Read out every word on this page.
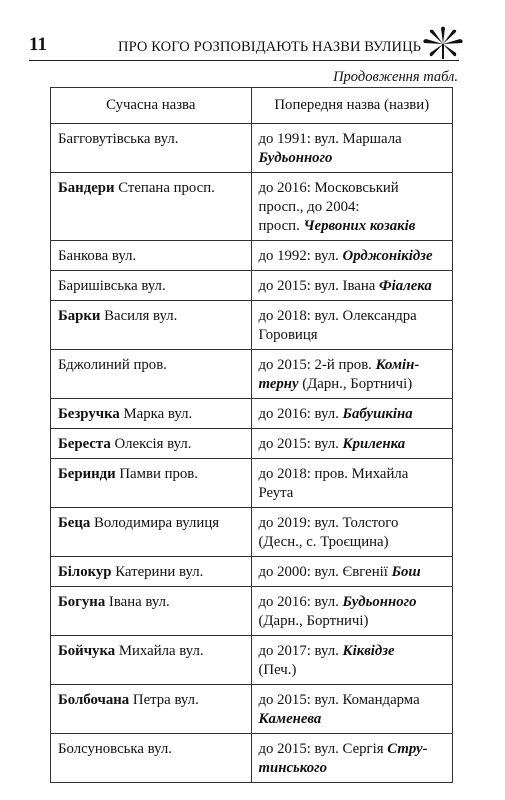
11	ПРО КОГО РОЗПОВІДАЮТЬ НАЗВИ ВУЛИЦЬ
Продовження табл.
Сучасна назва	Попередня назва (назви)
Багговутівська вул.	до 1991: вул. Маршала
Будьонного
Бандери Степана просп.	до 2016: Московський
просп., до 2004:
просп. Червоних козаків
Банкова вул.	до 1992: вул. Орджонікідзе
Баришівська вул.	до 2015: вул. Івана Фіалека
Барки Василя вул.	до 2018: вул. Олександра
Горовиця
Бджолиний пров.	до 2015: 2-й пров. Комін-
терну (Дарн., Бортничі)
Безручка Марка вул.	до 2016: вул. Бабушкіна
Береста Олексія вул.	до 2015: вул. Криленка
Беринди Памви пров.	до 2018: пров. Михайла
Реута
Беца Володимира вулиця	до 2019: вул. Толстого
(Десн., с. Троєщина)
Білокур Катерини вул.	до 2000: вул. Євгенії Бош
Богуна Івана вул.	до 2016: вул. Будьонного
(Дарн., Бортничі)
Бойчука Михайла вул.	до 2017: вул. Кіквідзе
(Печ.)
Болбочана Петра вул.	до 2015: вул. Командарма
Каменева
Болсуновська вул.	до 2015: вул. Сергія Стру-
тинського
